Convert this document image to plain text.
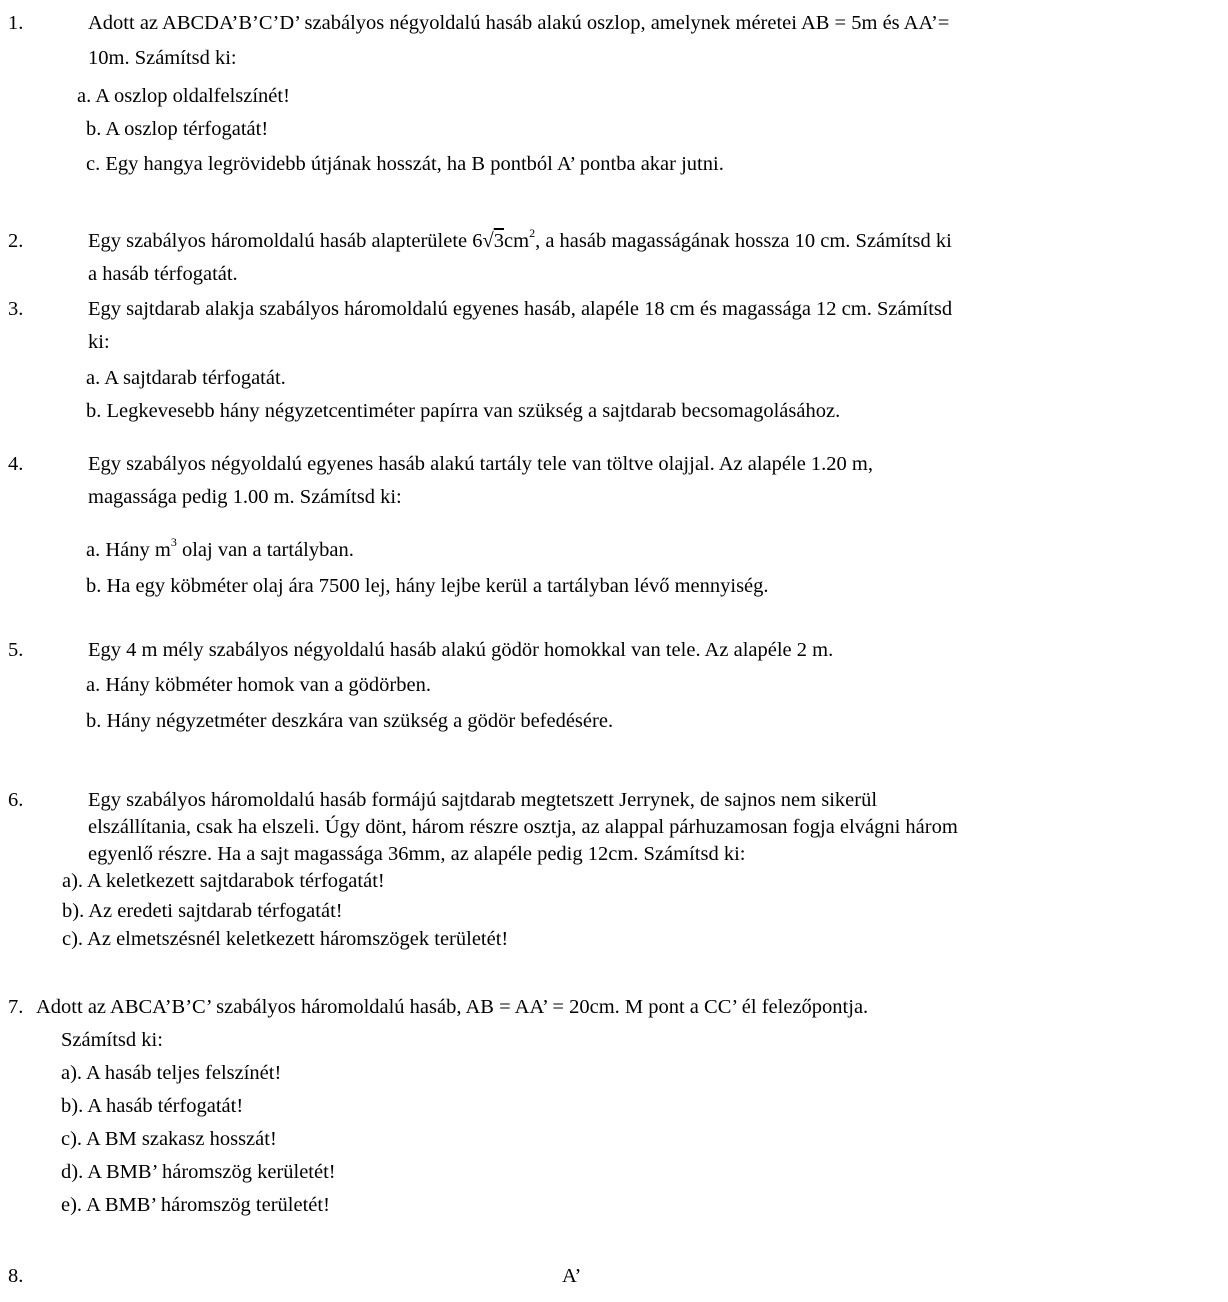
1.	Adott az ABCDA’B’C’D’ szabályos négyoldalú hasáb alakú oszlop, amelynek méretei AB = 5m és AA’=
10m. Számítsd ki:
a. A oszlop oldalfelszínét!
b. A oszlop térfogatát!
c. Egy hangya legrövidebb útjának hosszát, ha B pontból A’ pontba akar jutni.
2.	Egy szabályos háromoldalú hasáb alapterülete $6√3cm^2$, a hasáb magasságának hossza 10 cm. Számítsd ki
a hasáb térfogatát.
3.	Egy sajtdarab alakja szabályos háromoldalú egyenes hasáb, alapéle 18 cm és magassága 12 cm. Számítsd
ki:
a. A sajtdarab térfogatát.
b. Legkevesebb hány négyzetcentiméter papírra van szükség a sajtdarab becsomagolásához.
4.	Egy szabályos négyoldalú egyenes hasáb alakú tartály tele van töltve olajjal. Az alapéle 1.20 m,
magassága pedig 1.00 m. Számítsd ki:
a. Hány $m^3$ olaj van a tartályban.
b. Ha egy köbméter olaj ára 7500 lej, hány lejbe kerül a tartályban lévő mennyiség.
5.	Egy 4 m mély szabályos négyoldalú hasáb alakú gödör homokkal van tele. Az alapéle 2 m.
a. Hány köbméter homok van a gödörben.
b. Hány négyzetméter deszkára van szükség a gödör befedésére.
6.	Egy szabályos háromoldalú hasáb formájú sajtdarab megtetszett Jerrynek, de sajnos nem sikerül
elszállítania, csak ha elszeli. Úgy dönt, három részre osztja, az alappal párhuzamosan fogja elvágni három
egyenlő részre. Ha a sajt magassága 36mm, az alapéle pedig 12cm. Számítsd ki:
a). A keletkezett sajtdarabok térfogatát!
b). Az eredeti sajtdarab térfogatát!
c). Az elmetszésnél keletkezett háromszögek területét!
7. Adott az ABCA’B’C’ szabályos háromoldalú hasáb, AB = AA’ = 20cm. M pont a CC’ él felezőpontja.
Számítsd ki:
a). A hasáb teljes felszínét!
b). A hasáb térfogatát!
c). A BM szakasz hosszát!
d). A BMB’ háromszög kerületét!
e). A BMB’ háromszög területét!
8.	A’
